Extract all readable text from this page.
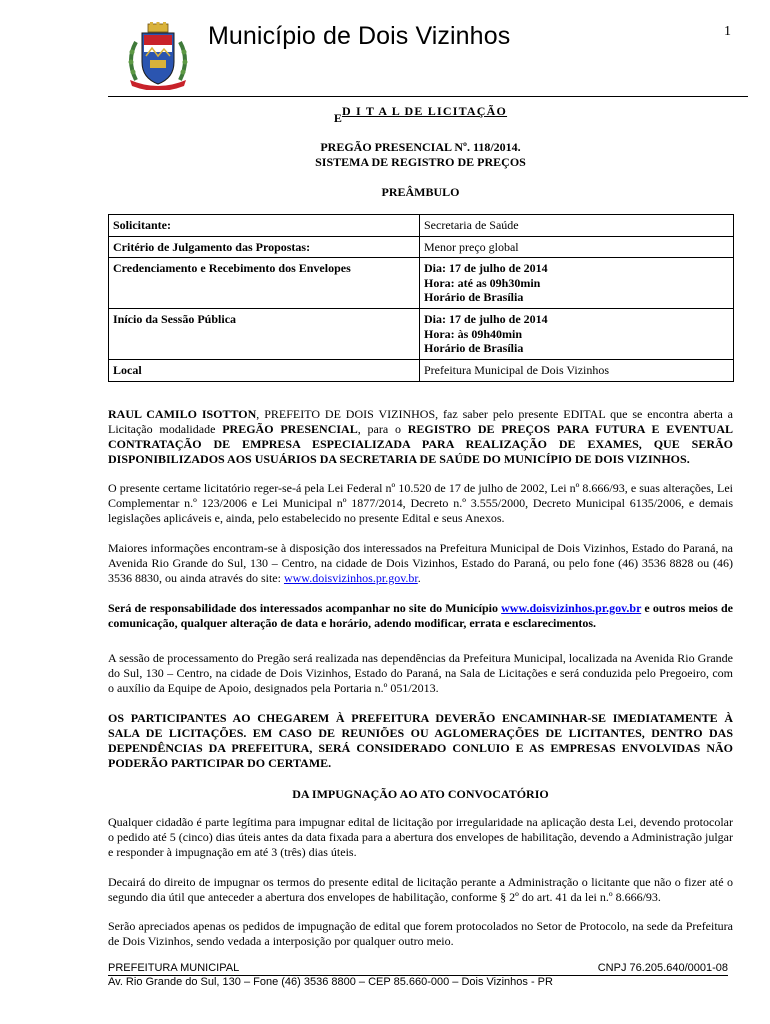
Município de Dois Vizinhos	1
ED I T A L DE LICITAÇÃO
PREGÃO PRESENCIAL Nº. 118/2014.
SISTEMA DE REGISTRO DE PREÇOS
PREÂMBULO
Solicitante:	Secretaria de Saúde

Critério de Julgamento das Propostas:	Menor preço global

Credenciamento e Recebimento dos Envelopes	Dia: 17 de julho de 2014
Hora: até as 09h30min
Horário de Brasília

Início da Sessão Pública	Dia: 17 de julho de 2014
Hora: às 09h40min
Horário de Brasília

Local	Prefeitura Municipal de Dois Vizinhos
RAUL CAMILO ISOTTON, PREFEITO DE DOIS VIZINHOS, faz saber pelo presente EDITAL que se encontra aberta a Licitação modalidade PREGÃO PRESENCIAL, para o REGISTRO DE PREÇOS PARA FUTURA E EVENTUAL CONTRATAÇÃO DE EMPRESA ESPECIALIZADA PARA REALIZAÇÃO DE EXAMES, QUE SERÃO DISPONIBILIZADOS AOS USUÁRIOS DA SECRETARIA DE SAÚDE DO MUNICÍPIO DE DOIS VIZINHOS.
O presente certame licitatório reger-se-á pela Lei Federal nº 10.520 de 17 de julho de 2002, Lei nº 8.666/93, e suas alterações, Lei Complementar n.º 123/2006 e Lei Municipal nº 1877/2014, Decreto n.º 3.555/2000, Decreto Municipal 6135/2006, e demais legislações aplicáveis e, ainda, pelo estabelecido no presente Edital e seus Anexos.
Maiores informações encontram-se à disposição dos interessados na Prefeitura Municipal de Dois Vizinhos, Estado do Paraná, na Avenida Rio Grande do Sul, 130 – Centro, na cidade de Dois Vizinhos, Estado do Paraná, ou pelo fone (46) 3536 8828 ou (46) 3536 8830, ou ainda através do site: www.doisvizinhos.pr.gov.br.
Será de responsabilidade dos interessados acompanhar no site do Município www.doisvizinhos.pr.gov.br e outros meios de comunicação, qualquer alteração de data e horário, adendo modificar, errata e esclarecimentos.
A sessão de processamento do Pregão será realizada nas dependências da Prefeitura Municipal, localizada na Avenida Rio Grande do Sul, 130 – Centro, na cidade de Dois Vizinhos, Estado do Paraná, na Sala de Licitações e será conduzida pelo Pregoeiro, com o auxílio da Equipe de Apoio, designados pela Portaria n.º 051/2013.
OS PARTICIPANTES AO CHEGAREM À PREFEITURA DEVERÃO ENCAMINHAR-SE IMEDIATAMENTE À SALA DE LICITAÇÕES. EM CASO DE REUNIÕES OU AGLOMERAÇÕES DE LICITANTES, DENTRO DAS DEPENDÊNCIAS DA PREFEITURA, SERÁ CONSIDERADO CONLUIO E AS EMPRESAS ENVOLVIDAS NÃO PODERÃO PARTICIPAR DO CERTAME.
DA IMPUGNAÇÃO AO ATO CONVOCATÓRIO
Qualquer cidadão é parte legítima para impugnar edital de licitação por irregularidade na aplicação desta Lei, devendo protocolar o pedido até 5 (cinco) dias úteis antes da data fixada para a abertura dos envelopes de habilitação, devendo a Administração julgar e responder à impugnação em até 3 (três) dias úteis.
Decairá do direito de impugnar os termos do presente edital de licitação perante a Administração o licitante que não o fizer até o segundo dia útil que anteceder a abertura dos envelopes de habilitação, conforme § 2º do art. 41 da lei n.º 8.666/93.
Serão apreciados apenas os pedidos de impugnação de edital que forem protocolados no Setor de Protocolo, na sede da Prefeitura de Dois Vizinhos, sendo vedada a interposição por qualquer outro meio.
PREFEITURA MUNICIPAL	CNPJ 76.205.640/0001-08
Av. Rio Grande do Sul, 130 – Fone (46) 3536 8800 – CEP 85.660-000 – Dois Vizinhos - PR
